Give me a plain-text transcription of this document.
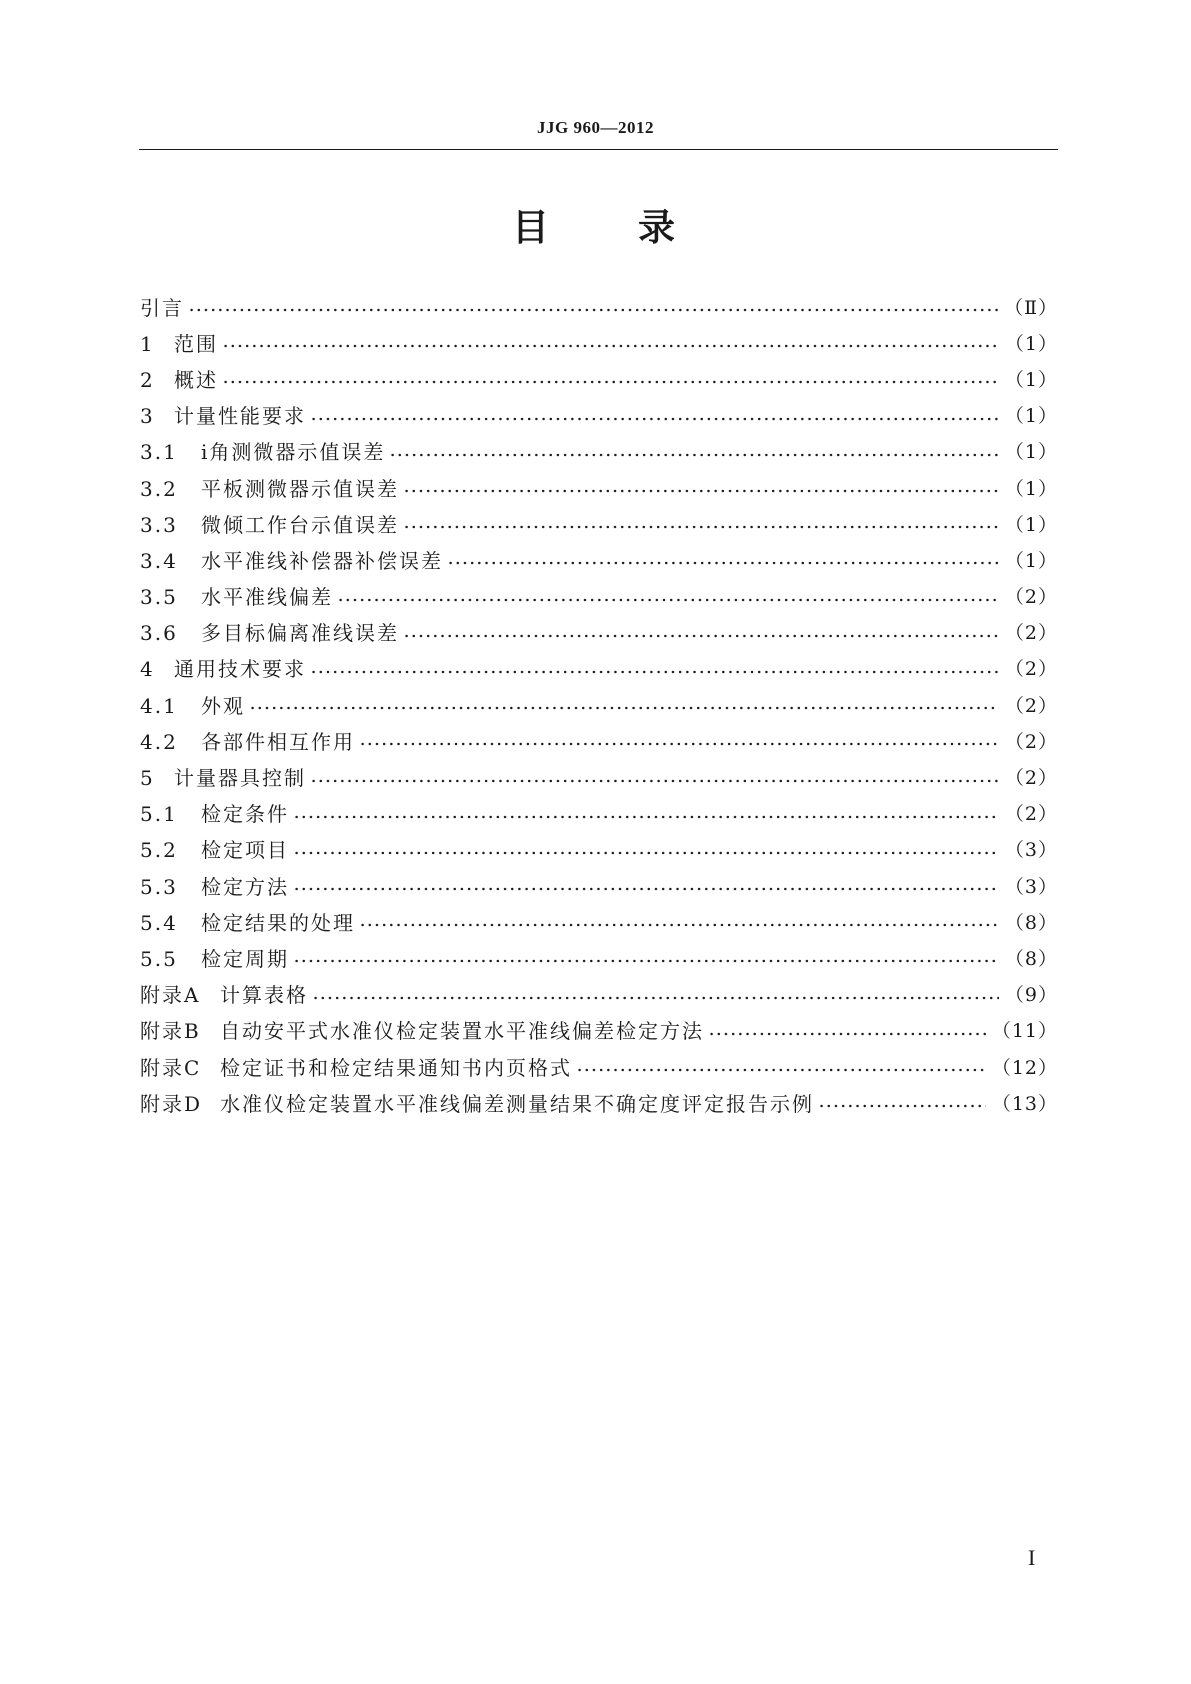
JJG 960—2012
目 录
引言	（Ⅱ）
1 范围	（1）
2 概述	（1）
3 计量性能要求	（1）
3.1 i角测微器示值误差	（1）
3.2 平板测微器示值误差	（1）
3.3 微倾工作台示值误差	（1）
3.4 水平准线补偿器补偿误差	（1）
3.5 水平准线偏差	（2）
3.6 多目标偏离准线误差	（2）
4 通用技术要求	（2）
4.1 外观	（2）
4.2 各部件相互作用	（2）
5 计量器具控制	（2）
5.1 检定条件	（2）
5.2 检定项目	（3）
5.3 检定方法	（3）
5.4 检定结果的处理	（8）
5.5 检定周期	（8）
附录A 计算表格	（9）
附录B 自动安平式水准仪检定装置水平准线偏差检定方法	（11）
附录C 检定证书和检定结果通知书内页格式	（12）
附录D 水准仪检定装置水平准线偏差测量结果不确定度评定报告示例	（13）
I
